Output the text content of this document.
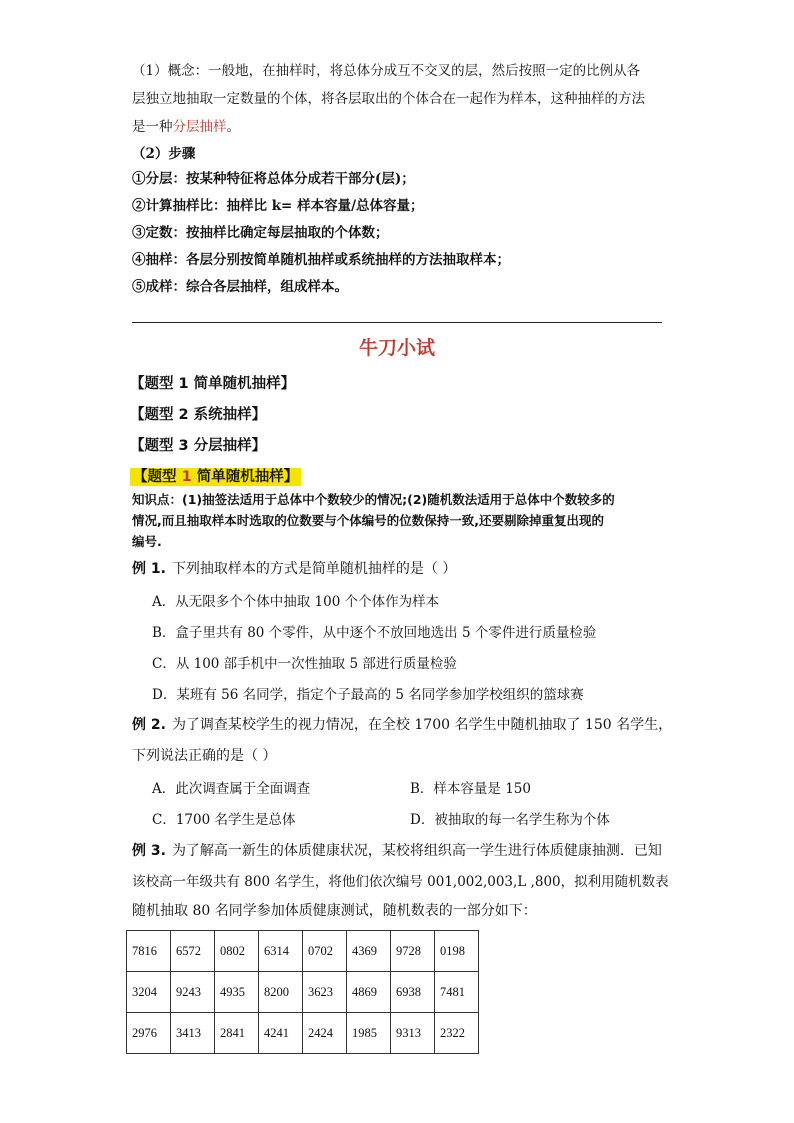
（1）概念：一般地，在抽样时，将总体分成互不交叉的层，然后按照一定的比例从各
层独立地抽取一定数量的个体，将各层取出的个体合在一起作为样本，这种抽样的方法
是一种分层抽样。
（2）步骤
①分层：按某种特征将总体分成若干部分(层)；
②计算抽样比：抽样比 k= 样本容量/总体容量；
③定数：按抽样比确定每层抽取的个体数；
④抽样：各层分别按简单随机抽样或系统抽样的方法抽取样本；
⑤成样：综合各层抽样，组成样本。
牛刀小试
【题型 1 简单随机抽样】
【题型 2 系统抽样】
【题型 3 分层抽样】
【题型 1 简单随机抽样】
知识点：(1)抽签法适用于总体中个数较少的情况;(2)随机数法适用于总体中个数较多的
情况,而且抽取样本时选取的位数要与个体编号的位数保持一致,还要剔除掉重复出现的
编号.
例 1. 下列抽取样本的方式是简单随机抽样的是（ ）
A．从无限多个个体中抽取 100 个个体作为样本
B．盒子里共有 80 个零件，从中逐个不放回地选出 5 个零件进行质量检验
C．从 100 部手机中一次性抽取 5 部进行质量检验
D．某班有 56 名同学，指定个子最高的 5 名同学参加学校组织的篮球赛
例 2. 为了调查某校学生的视力情况，在全校 1700 名学生中随机抽取了 150 名学生，
下列说法正确的是（ ）
A．此次调查属于全面调查	B．样本容量是 150
C．1700 名学生是总体	D．被抽取的每一名学生称为个体
例 3. 为了解高一新生的体质健康状况，某校将组织高一学生进行体质健康抽测．已知
该校高一年级共有 800 名学生，将他们依次编号 001,002,003,L ,800，拟利用随机数表
随机抽取 80 名同学参加体质健康测试，随机数表的一部分如下：
7816	6572	0802	6314	0702	4369	9728	0198
3204	9243	4935	8200	3623	4869	6938	7481
2976	3413	2841	4241	2424	1985	9313	2322
